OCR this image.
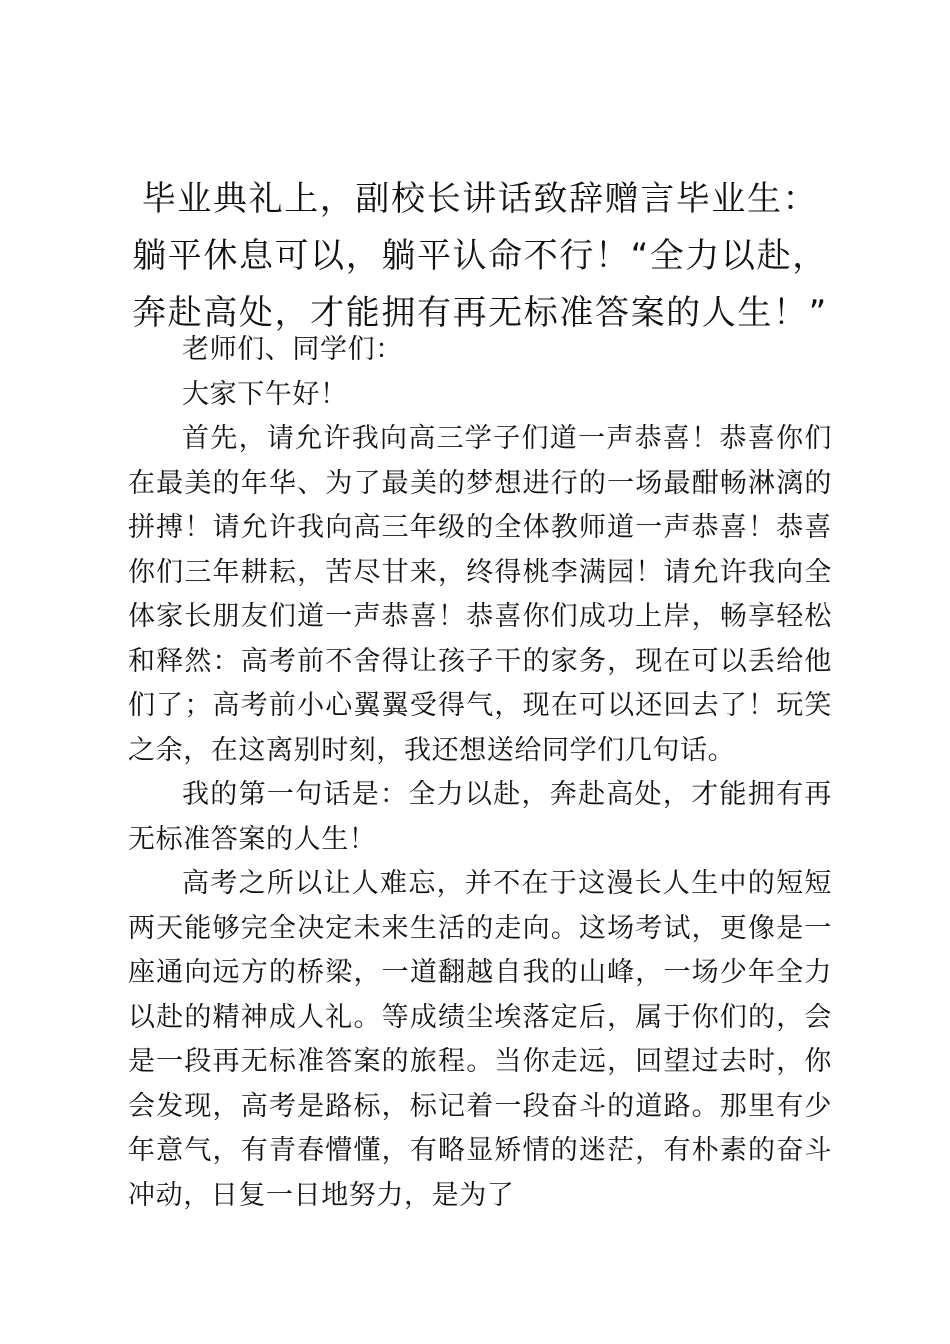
毕业典礼上，副校长讲话致辞赠言毕业生：躺平休息可以，躺平认命不行！“全力以赴，奔赴高处，才能拥有再无标准答案的人生！”

老师们、同学们：

大家下午好！

首先，请允许我向高三学子们道一声恭喜！恭喜你们在最美的年华、为了最美的梦想进行的一场最酣畅淋漓的拼搏！请允许我向高三年级的全体教师道一声恭喜！恭喜你们三年耕耘，苦尽甘来，终得桃李满园！请允许我向全体家长朋友们道一声恭喜！恭喜你们成功上岸，畅享轻松和释然：高考前不舍得让孩子干的家务，现在可以丢给他们了；高考前小心翼翼受得气，现在可以还回去了！玩笑之余，在这离别时刻，我还想送给同学们几句话。

我的第一句话是：全力以赴，奔赴高处，才能拥有再无标准答案的人生！

高考之所以让人难忘，并不在于这漫长人生中的短短两天能够完全决定未来生活的走向。这场考试，更像是一座通向远方的桥梁，一道翻越自我的山峰，一场少年全力以赴的精神成人礼。等成绩尘埃落定后，属于你们的，会是一段再无标准答案的旅程。当你走远，回望过去时，你会发现，高考是路标，标记着一段奋斗的道路。那里有少年意气，有青春懵懂，有略显矫情的迷茫，有朴素的奋斗冲动，日复一日地努力，是为了
